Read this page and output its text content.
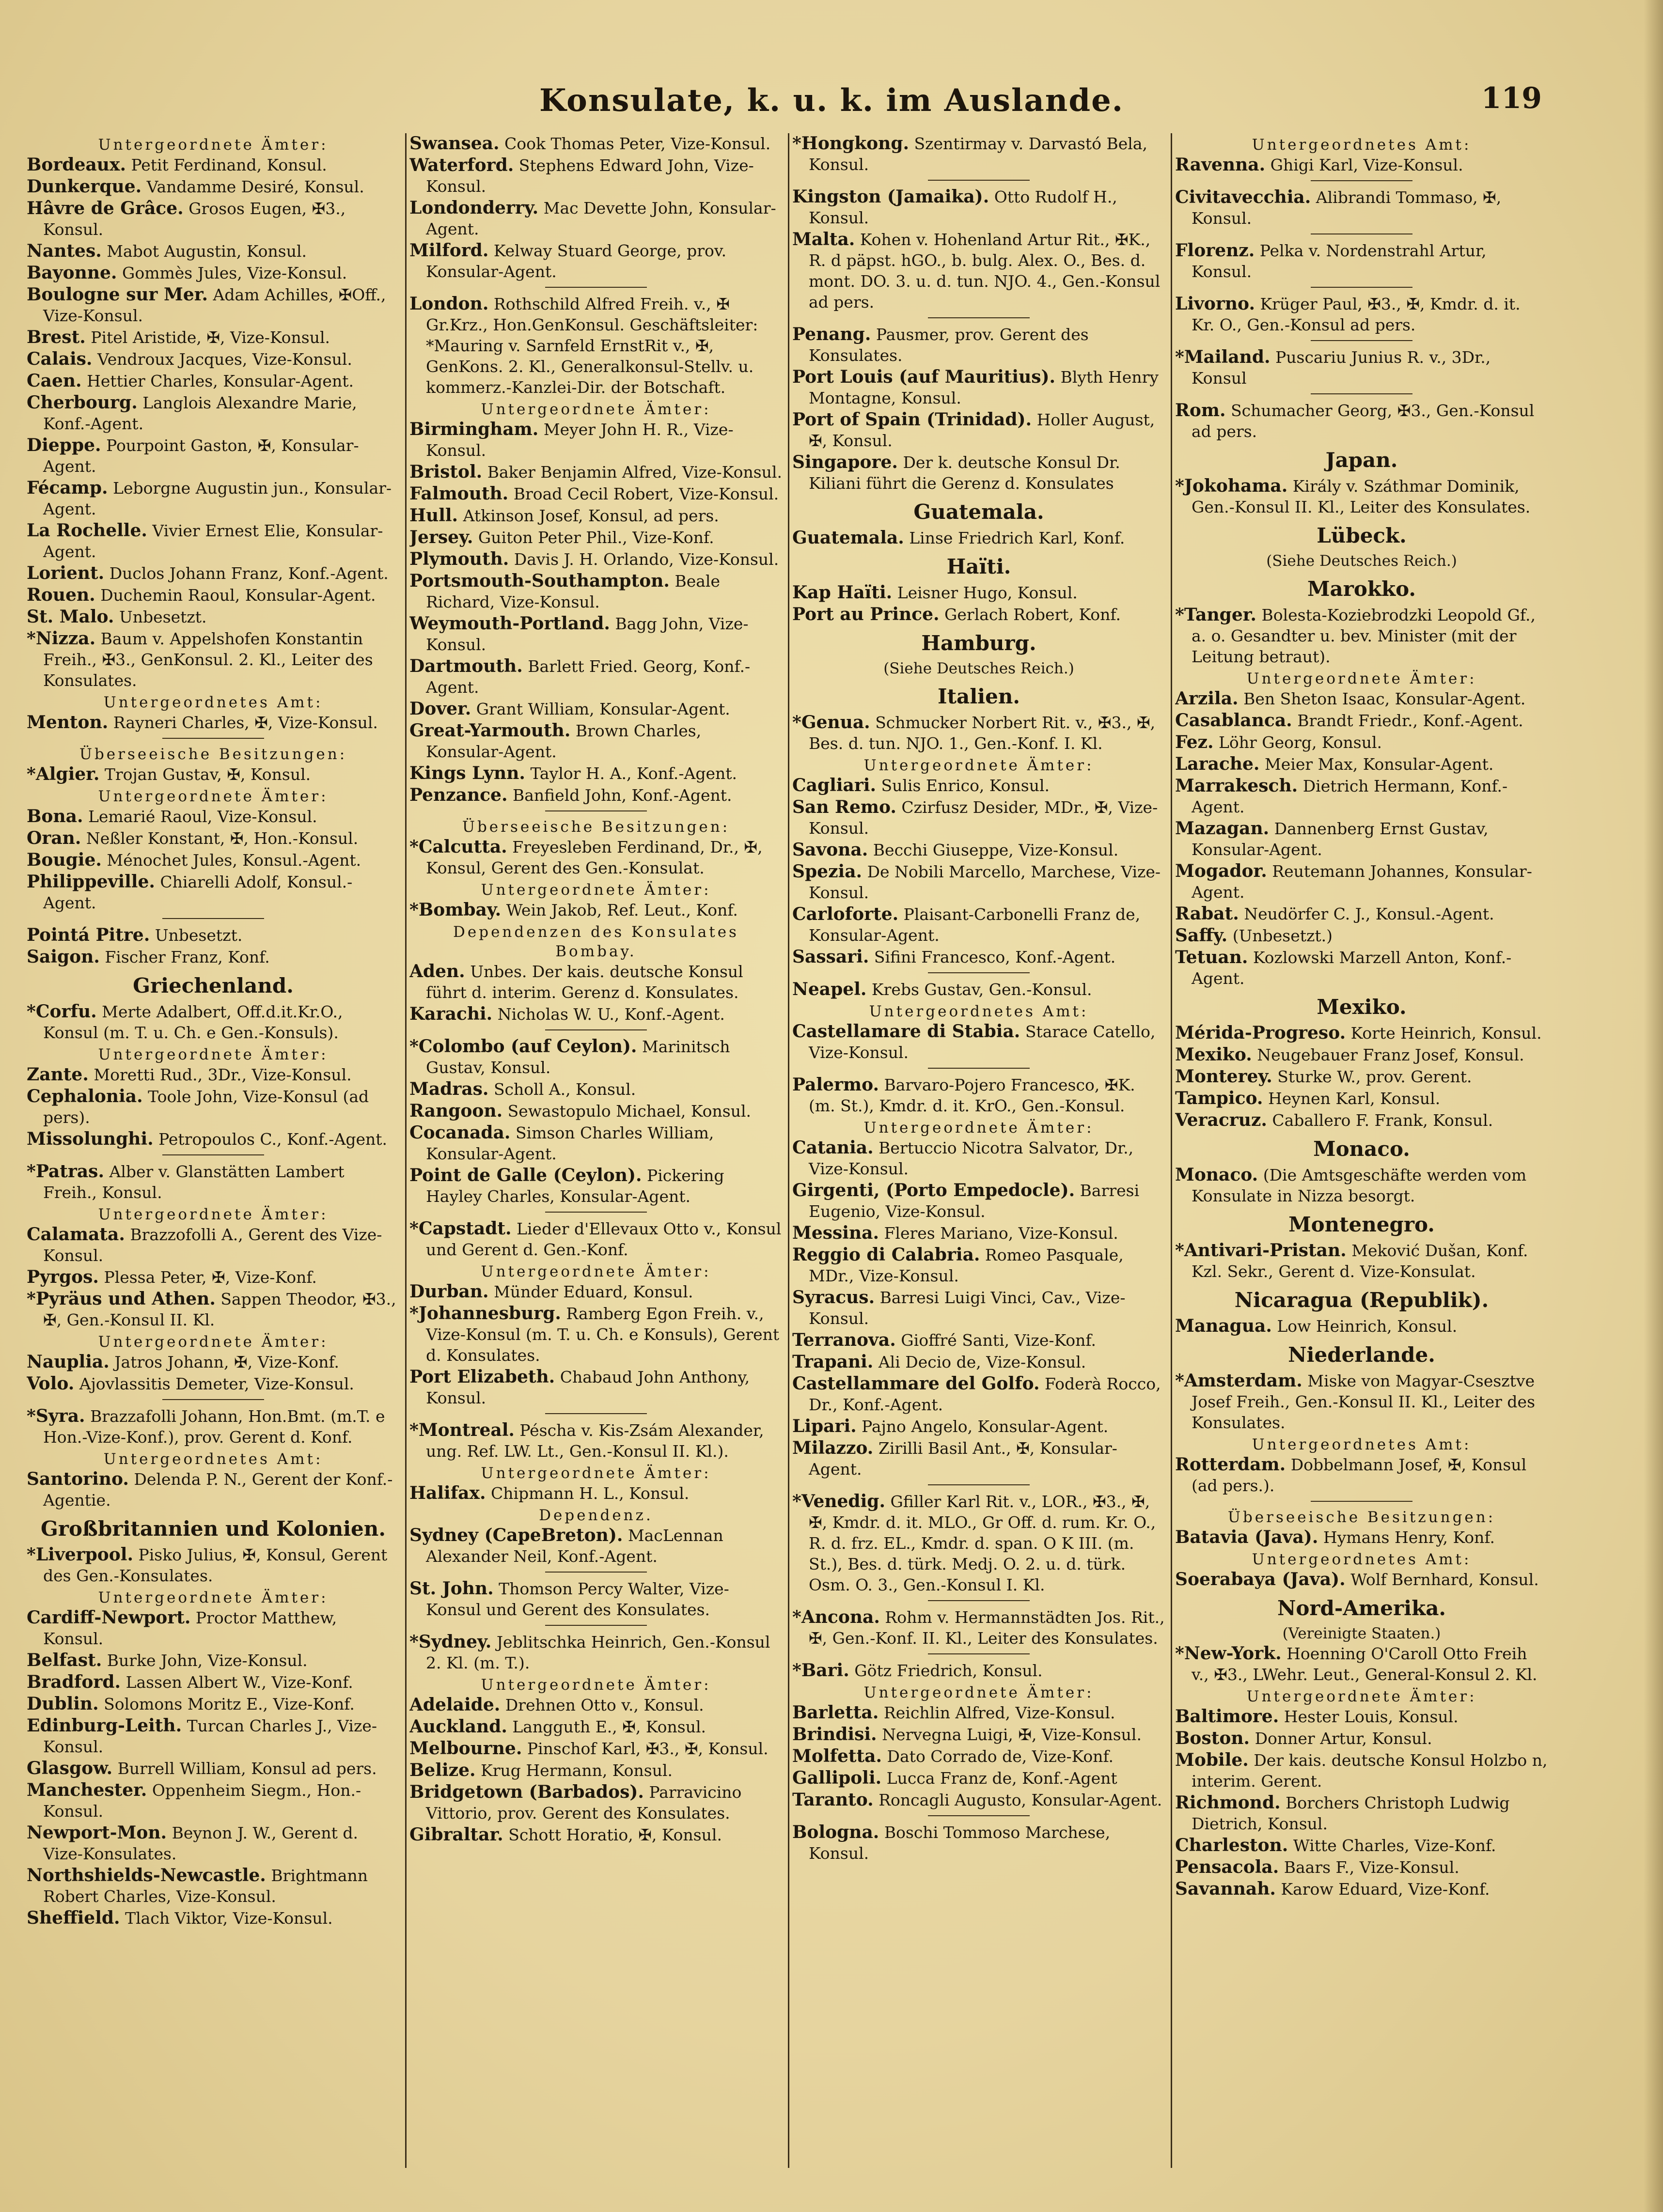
Konsulate, k. u. k. im Auslande.	119
Untergeordnete Ämter:
Bordeaux. Petit Ferdinand, Konsul.
Dunkerque. Vandamme Desiré, Konsul.
Hâvre de Grâce. Grosos Eugen, ✠3., Konsul.
Nantes. Mabot Augustin, Konsul.
Bayonne. Gommès Jules, Vize-Konsul.
Boulogne sur Mer. Adam Achilles, ✠Off., Vize-Konsul.
Brest. Pitel Aristide, ✠, Vize-Konsul.
Calais. Vendroux Jacques, Vize-Konsul.
Caen. Hettier Charles, Konsular-Agent.
Cherbourg. Langlois Alexandre Marie, Konf.-Agent.
Dieppe. Pourpoint Gaston, ✠, Konsular-Agent.
Fécamp. Leborgne Augustin jun., Konsular-Agent.
La Rochelle. Vivier Ernest Elie, Konsular-Agent.
Lorient. Duclos Johann Franz, Konf.-Agent.
Rouen. Duchemin Raoul, Konsular-Agent.
St. Malo. Unbesetzt.
*Nizza. Baum v. Appelshofen Konstantin Freih., ✠3., GenKonsul. 2. Kl., Leiter des Konsulates.
Untergeordnetes Amt:
Menton. Rayneri Charles, ✠, Vize-Konsul.
Überseeische Besitzungen:
*Algier. Trojan Gustav, ✠, Konsul.
Untergeordnete Ämter:
Bona. Lemarié Raoul, Vize-Konsul.
Oran. Neßler Konstant, ✠, Hon.-Konsul.
Bougie. Ménochet Jules, Konsul.-Agent.
Philippeville. Chiarelli Adolf, Konsul.-Agent.
Pointá Pitre. Unbesetzt.
Saigon. Fischer Franz, Konf.
Griechenland.
*Corfu. Merte Adalbert, Off.d.it.Kr.O., Konsul (m. T. u. Ch. e Gen.-Konsuls).
Untergeordnete Ämter:
Zante. Moretti Rud., 3Dr., Vize-Konsul.
Cephalonia. Toole John, Vize-Konsul (ad pers).
Missolunghi. Petropoulos C., Konf.-Agent.
*Patras. Alber v. Glanstätten Lambert Freih., Konsul.
Untergeordnete Ämter:
Calamata. Brazzofolli A., Gerent des Vize-Konsul.
Pyrgos. Plessa Peter, ✠, Vize-Konf.
*Pyräus und Athen. Sappen Theodor, ✠3., ✠, Gen.-Konsul II. Kl.
Untergeordnete Ämter:
Nauplia. Jatros Johann, ✠, Vize-Konf.
Volo. Ajovlassitis Demeter, Vize-Konsul.
*Syra. Brazzafolli Johann, Hon.Bmt. (m.T. e Hon.-Vize-Konf.), prov. Gerent d. Konf.
Untergeordnetes Amt:
Santorino. Delenda P. N., Gerent der Konf.-Agentie.
Großbritannien und Kolonien.
*Liverpool. Pisko Julius, ✠, Konsul, Gerent des Gen.-Konsulates.
Untergeordnete Ämter:
Cardiff-Newport. Proctor Matthew, Konsul.
Belfast. Burke John, Vize-Konsul.
Bradford. Lassen Albert W., Vize-Konf.
Dublin. Solomons Moritz E., Vize-Konf.
Edinburg-Leith. Turcan Charles J., Vize-Konsul.
Glasgow. Burrell William, Konsul ad pers.
Manchester. Oppenheim Siegm., Hon.-Konsul.
Newport-Mon. Beynon J. W., Gerent d. Vize-Konsulates.
Northshields-Newcastle. Brightmann Robert Charles, Vize-Konsul.
Sheffield. Tlach Viktor, Vize-Konsul.
Swansea. Cook Thomas Peter, Vize-Konsul.
Waterford. Stephens Edward John, Vize-Konsul.
Londonderry. Mac Devette John, Konsular-Agent.
Milford. Kelway Stuard George, prov. Konsular-Agent.
London. Rothschild Alfred Freih. v., ✠ Gr.Krz., Hon.GenKonsul. Geschäftsleiter: *Mauring v. Sarnfeld ErnstRit v., ✠, GenKons. 2. Kl., Generalkonsul-Stellv. u. kommerz.-Kanzlei-Dir. der Botschaft.
Untergeordnete Ämter:
Birmingham. Meyer John H. R., Vize-Konsul.
Bristol. Baker Benjamin Alfred, Vize-Konsul.
Falmouth. Broad Cecil Robert, Vize-Konsul.
Hull. Atkinson Josef, Konsul, ad pers.
Jersey. Guiton Peter Phil., Vize-Konf.
Plymouth. Davis J. H. Orlando, Vize-Konsul.
Portsmouth-Southampton. Beale Richard, Vize-Konsul.
Weymouth-Portland. Bagg John, Vize-Konsul.
Dartmouth. Barlett Fried. Georg, Konf.-Agent.
Dover. Grant William, Konsular-Agent.
Great-Yarmouth. Brown Charles, Konsular-Agent.
Kings Lynn. Taylor H. A., Konf.-Agent.
Penzance. Banfield John, Konf.-Agent.
Überseeische Besitzungen:
*Calcutta. Freyesleben Ferdinand, Dr., ✠, Konsul, Gerent des Gen.-Konsulat.
Untergeordnete Ämter:
*Bombay. Wein Jakob, Ref. Leut., Konf.
Dependenzen des Konsulates Bombay.
Aden. Unbes. Der kais. deutsche Konsul führt d. interim. Gerenz d. Konsulates.
Karachi. Nicholas W. U., Konf.-Agent.
*Colombo (auf Ceylon). Marinitsch Gustav, Konsul.
Madras. Scholl A., Konsul.
Rangoon. Sewastopulo Michael, Konsul.
Cocanada. Simson Charles William, Konsular-Agent.
Point de Galle (Ceylon). Pickering Hayley Charles, Konsular-Agent.
*Capstadt. Lieder d'Ellevaux Otto v., Konsul und Gerent d. Gen.-Konf.
Untergeordnete Ämter:
Durban. Münder Eduard, Konsul.
*Johannesburg. Ramberg Egon Freih. v., Vize-Konsul (m. T. u. Ch. e Konsuls), Gerent d. Konsulates.
Port Elizabeth. Chabaud John Anthony, Konsul.
*Montreal. Péscha v. Kis-Zsám Alexander, ung. Ref. LW. Lt., Gen.-Konsul II. Kl.).
Untergeordnete Ämter:
Halifax. Chipmann H. L., Konsul.
Dependenz.
Sydney (CapeBreton). MacLennan Alexander Neil, Konf.-Agent.
St. John. Thomson Percy Walter, Vize-Konsul und Gerent des Konsulates.
*Sydney. Jeblitschka Heinrich, Gen.-Konsul 2. Kl. (m. T.).
Untergeordnete Ämter:
Adelaide. Drehnen Otto v., Konsul.
Auckland. Langguth E., ✠, Konsul.
Melbourne. Pinschof Karl, ✠3., ✠, Konsul.
Belize. Krug Hermann, Konsul.
Bridgetown (Barbados). Parravicino Vittorio, prov. Gerent des Konsulates.
Gibraltar. Schott Horatio, ✠, Konsul.
*Hongkong. Szentirmay v. Darvastó Bela, Konsul.
Kingston (Jamaika). Otto Rudolf H., Konsul.
Malta. Kohen v. Hohenland Artur Rit., ✠K., R. d päpst. hGO., b. bulg. Alex. O., Bes. d. mont. DO. 3. u. d. tun. NJO. 4., Gen.-Konsul ad pers.
Penang. Pausmer, prov. Gerent des Konsulates.
Port Louis (auf Mauritius). Blyth Henry Montagne, Konsul.
Port of Spain (Trinidad). Holler August, ✠, Konsul.
Singapore. Der k. deutsche Konsul Dr. Kiliani führt die Gerenz d. Konsulates
Guatemala.
Guatemala. Linse Friedrich Karl, Konf.
Haïti.
Kap Haïti. Leisner Hugo, Konsul.
Port au Prince. Gerlach Robert, Konf.
Hamburg.
(Siehe Deutsches Reich.)
Italien.
*Genua. Schmucker Norbert Rit. v., ✠3., ✠, Bes. d. tun. NJO. 1., Gen.-Konf. I. Kl.
Untergeordnete Ämter:
Cagliari. Sulis Enrico, Konsul.
San Remo. Czirfusz Desider, MDr., ✠, Vize-Konsul.
Savona. Becchi Giuseppe, Vize-Konsul.
Spezia. De Nobili Marcello, Marchese, Vize-Konsul.
Carloforte. Plaisant-Carbonelli Franz de, Konsular-Agent.
Sassari. Sifini Francesco, Konf.-Agent.
Neapel. Krebs Gustav, Gen.-Konsul.
Untergeordnetes Amt:
Castellamare di Stabia. Starace Catello, Vize-Konsul.
Palermo. Barvaro-Pojero Francesco, ✠K. (m. St.), Kmdr. d. it. KrO., Gen.-Konsul.
Untergeordnete Ämter:
Catania. Bertuccio Nicotra Salvator, Dr., Vize-Konsul.
Girgenti, (Porto Empedocle). Barresi Eugenio, Vize-Konsul.
Messina. Fleres Mariano, Vize-Konsul.
Reggio di Calabria. Romeo Pasquale, MDr., Vize-Konsul.
Syracus. Barresi Luigi Vinci, Cav., Vize-Konsul.
Terranova. Gioffré Santi, Vize-Konf.
Trapani. Ali Decio de, Vize-Konsul.
Castellammare del Golfo. Foderà Rocco, Dr., Konf.-Agent.
Lipari. Pajno Angelo, Konsular-Agent.
Milazzo. Zirilli Basil Ant., ✠, Konsular-Agent.
*Venedig. Gfiller Karl Rit. v., LOR., ✠3., ✠, ✠, Kmdr. d. it. MLO., Gr Off. d. rum. Kr. O., R. d. frz. EL., Kmdr. d. span. O K III. (m. St.), Bes. d. türk. Medj. O. 2. u. d. türk. Osm. O. 3., Gen.-Konsul I. Kl.
*Ancona. Rohm v. Hermannstädten Jos. Rit., ✠, Gen.-Konf. II. Kl., Leiter des Konsulates.
*Bari. Götz Friedrich, Konsul.
Untergeordnete Ämter:
Barletta. Reichlin Alfred, Vize-Konsul.
Brindisi. Nervegna Luigi, ✠, Vize-Konsul.
Molfetta. Dato Corrado de, Vize-Konf.
Gallipoli. Lucca Franz de, Konf.-Agent
Taranto. Roncagli Augusto, Konsular-Agent.
Bologna. Boschi Tommoso Marchese, Konsul.
Untergeordnetes Amt:
Ravenna. Ghigi Karl, Vize-Konsul.
Civitavecchia. Alibrandi Tommaso, ✠, Konsul.
Florenz. Pelka v. Nordenstrahl Artur, Konsul.
Livorno. Krüger Paul, ✠3., ✠, Kmdr. d. it. Kr. O., Gen.-Konsul ad pers.
*Mailand. Puscariu Junius R. v., 3Dr., Konsul
Rom. Schumacher Georg, ✠3., Gen.-Konsul ad pers.
Japan.
*Jokohama. Király v. Száthmar Dominik, Gen.-Konsul II. Kl., Leiter des Konsulates.
Lübeck.
(Siehe Deutsches Reich.)
Marokko.
*Tanger. Bolesta-Koziebrodzki Leopold Gf., a. o. Gesandter u. bev. Minister (mit der Leitung betraut).
Untergeordnete Ämter:
Arzila. Ben Sheton Isaac, Konsular-Agent.
Casablanca. Brandt Friedr., Konf.-Agent.
Fez. Löhr Georg, Konsul.
Larache. Meier Max, Konsular-Agent.
Marrakesch. Dietrich Hermann, Konf.-Agent.
Mazagan. Dannenberg Ernst Gustav, Konsular-Agent.
Mogador. Reutemann Johannes, Konsular-Agent.
Rabat. Neudörfer C. J., Konsul.-Agent.
Saffy. (Unbesetzt.)
Tetuan. Kozlowski Marzell Anton, Konf.-Agent.
Mexiko.
Mérida-Progreso. Korte Heinrich, Konsul.
Mexiko. Neugebauer Franz Josef, Konsul.
Monterey. Sturke W., prov. Gerent.
Tampico. Heynen Karl, Konsul.
Veracruz. Caballero F. Frank, Konsul.
Monaco.
Monaco. (Die Amtsgeschäfte werden vom Konsulate in Nizza besorgt.
Montenegro.
*Antivari-Pristan. Meković Dušan, Konf. Kzl. Sekr., Gerent d. Vize-Konsulat.
Nicaragua (Republik).
Managua. Low Heinrich, Konsul.
Niederlande.
*Amsterdam. Miske von Magyar-Csesztve Josef Freih., Gen.-Konsul II. Kl., Leiter des Konsulates.
Untergeordnetes Amt:
Rotterdam. Dobbelmann Josef, ✠, Konsul (ad pers.).
Überseeische Besitzungen:
Batavia (Java). Hymans Henry, Konf.
Untergeordnetes Amt:
Soerabaya (Java). Wolf Bernhard, Konsul.
Nord-Amerika.
(Vereinigte Staaten.)
*New-York. Hoenning O'Caroll Otto Freih v., ✠3., LWehr. Leut., General-Konsul 2. Kl.
Untergeordnete Ämter:
Baltimore. Hester Louis, Konsul.
Boston. Donner Artur, Konsul.
Mobile. Der kais. deutsche Konsul Holzbo n, interim. Gerent.
Richmond. Borchers Christoph Ludwig Dietrich, Konsul.
Charleston. Witte Charles, Vize-Konf.
Pensacola. Baars F., Vize-Konsul.
Savannah. Karow Eduard, Vize-Konf.
